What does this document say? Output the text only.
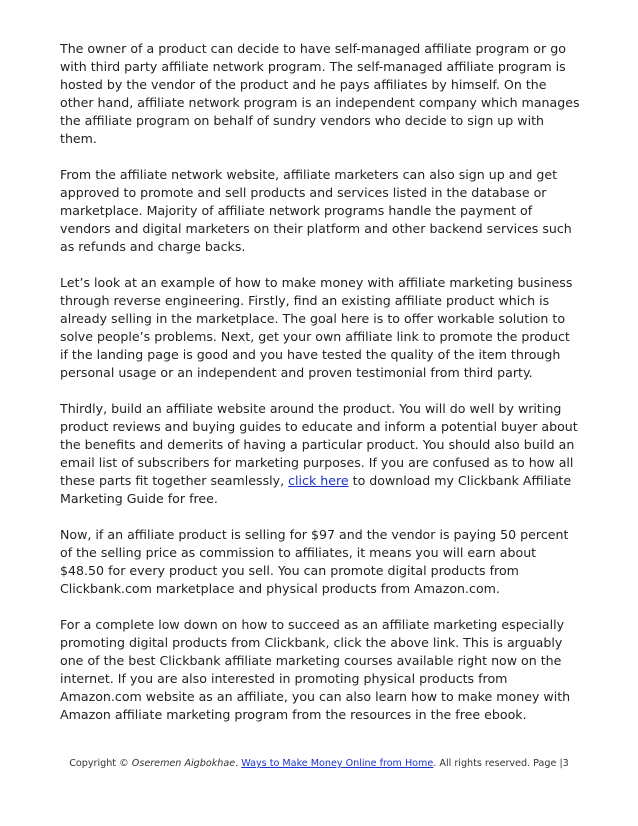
The owner of a product can decide to have self-managed affiliate program or go with third party affiliate network program. The self-managed affiliate program is hosted by the vendor of the product and he pays affiliates by himself. On the other hand, affiliate network program is an independent company which manages the affiliate program on behalf of sundry vendors who decide to sign up with them.

From the affiliate network website, affiliate marketers can also sign up and get approved to promote and sell products and services listed in the database or marketplace. Majority of affiliate network programs handle the payment of vendors and digital marketers on their platform and other backend services such as refunds and charge backs.

Let’s look at an example of how to make money with affiliate marketing business through reverse engineering. Firstly, find an existing affiliate product which is already selling in the marketplace. The goal here is to offer workable solution to solve people’s problems. Next, get your own affiliate link to promote the product if the landing page is good and you have tested the quality of the item through personal usage or an independent and proven testimonial from third party.

Thirdly, build an affiliate website around the product. You will do well by writing product reviews and buying guides to educate and inform a potential buyer about the benefits and demerits of having a particular product. You should also build an email list of subscribers for marketing purposes. If you are confused as to how all these parts fit together seamlessly, click here to download my Clickbank Affiliate Marketing Guide for free.

Now, if an affiliate product is selling for $97 and the vendor is paying 50 percent of the selling price as commission to affiliates, it means you will earn about $48.50 for every product you sell. You can promote digital products from Clickbank.com marketplace and physical products from Amazon.com.

For a complete low down on how to succeed as an affiliate marketing especially promoting digital products from Clickbank, click the above link. This is arguably one of the best Clickbank affiliate marketing courses available right now on the internet. If you are also interested in promoting physical products from Amazon.com website as an affiliate, you can also learn how to make money with Amazon affiliate marketing program from the resources in the free ebook.

Copyright © Oseremen Aigbokhae. Ways to Make Money Online from Home. All rights reserved. Page |3
